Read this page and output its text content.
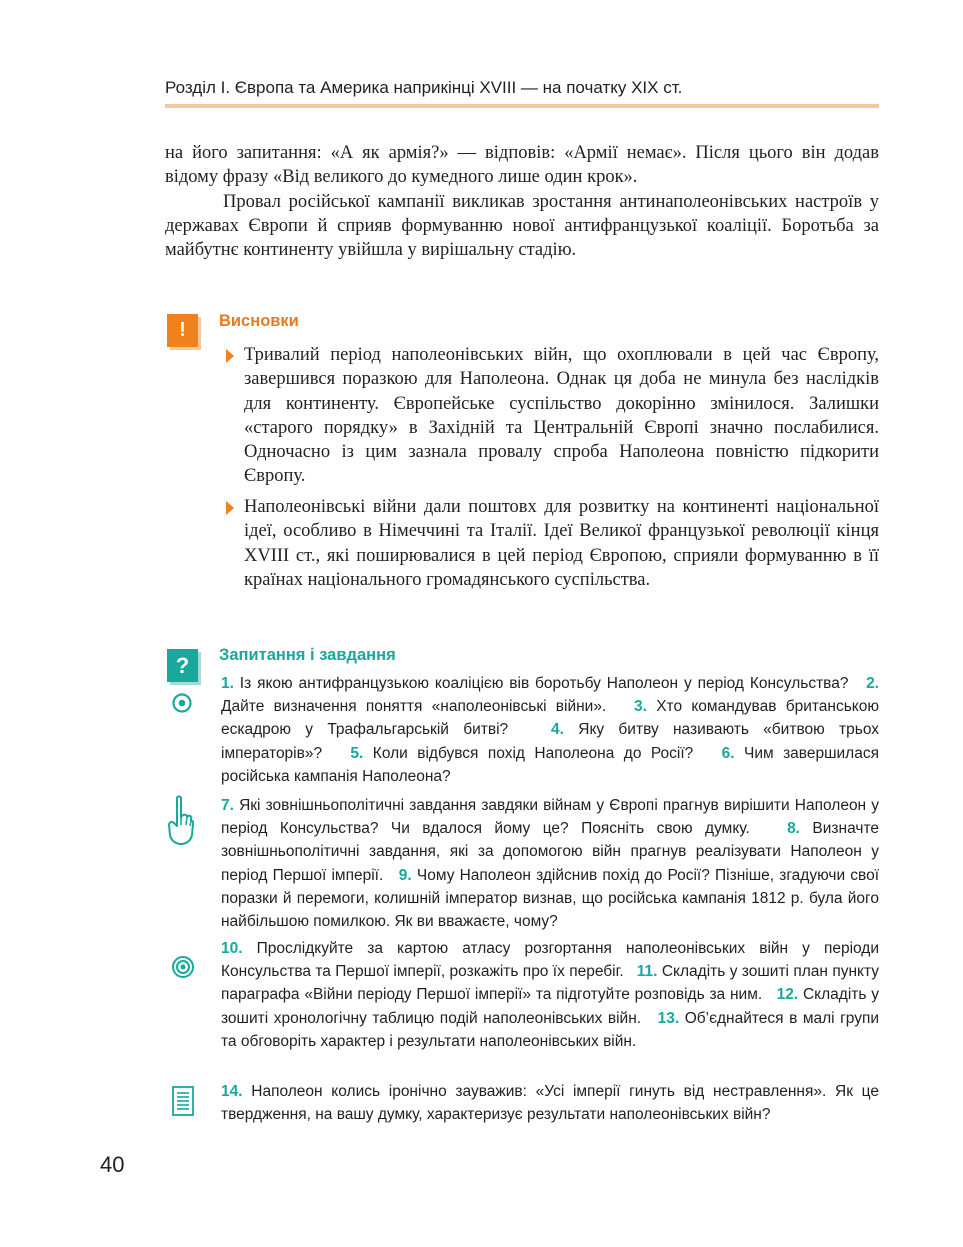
Розділ I. Європа та Америка наприкінці XVIII — на початку XIX ст.

на його запитання: «А як армія?» — відповів: «Армії немає». Після цього він додав відому фразу «Від великого до кумедного лише один крок».

Провал російської кампанії викликав зростання антинаполеонівських настроїв у державах Європи й сприяв формуванню нової антифранцузької коаліції. Боротьба за майбутнє континенту увійшла у вирішальну стадію.

!	Висновки

Тривалий період наполеонівських війн, що охоплювали в цей час Європу, завершився поразкою для Наполеона. Однак ця доба не минула без наслідків для континенту. Європейське суспільство докорінно змінилося. Залишки «старого порядку» в Західній та Центральній Європі значно послабилися. Одночасно із цим зазнала провалу спроба Наполеона повністю підкорити Європу.

Наполеонівські війни дали поштовх для розвитку на континенті національної ідеї, особливо в Німеччині та Італії. Ідеї Великої французької революції кінця XVIII ст., які поширювалися в цей період Європою, сприяли формуванню в її країнах національного громадянського суспільства.

?	Запитання і завдання
1. Із якою антифранцузькою коаліцією вів боротьбу Наполеон у період Консульства? 2. Дайте визначення поняття «наполеонівські війни». 3. Хто командував британською ескадрою у Трафальгарській битві?	4. Яку битву називають «битвою трьох імператорів»? 5. Коли відбувся похід Наполеона до Росії? 6. Чим завершилася російська кампанія Наполеона?
7. Які зовнішньополітичні завдання завдяки війнам у Європі прагнув вирішити Наполеон у період Консульства? Чи вдалося йому це? Поясніть свою думку. 8. Визначте зовнішньополітичні завдання, які за допомогою війн прагнув реалізувати Наполеон у період Першої імперії. 9. Чому Наполеон здійснив похід до Росії? Пізніше, згадуючи свої поразки й перемоги, колишній імператор визнав, що російська кампанія 1812 р. була його найбільшою помилкою. Як ви вважаєте, чому?
10. Прослідкуйте за картою атласу розгортання наполеонівських війн у періоди Консульства та Першої імперії, розкажіть про їх перебіг. 11. Складіть у зошиті план пункту параграфа «Війни періоду Першої імперії» та підготуйте розповідь за ним. 12. Складіть у зошиті хронологічну таблицю подій наполеонівських війн. 13. Об’єднайтеся в малі групи та обговоріть характер і результати наполеонівських війн.
14. Наполеон колись іронічно зауважив: «Усі імперії гинуть від нестравлення». Як це твердження, на вашу думку, характеризує результати наполеонівських війн?
40
